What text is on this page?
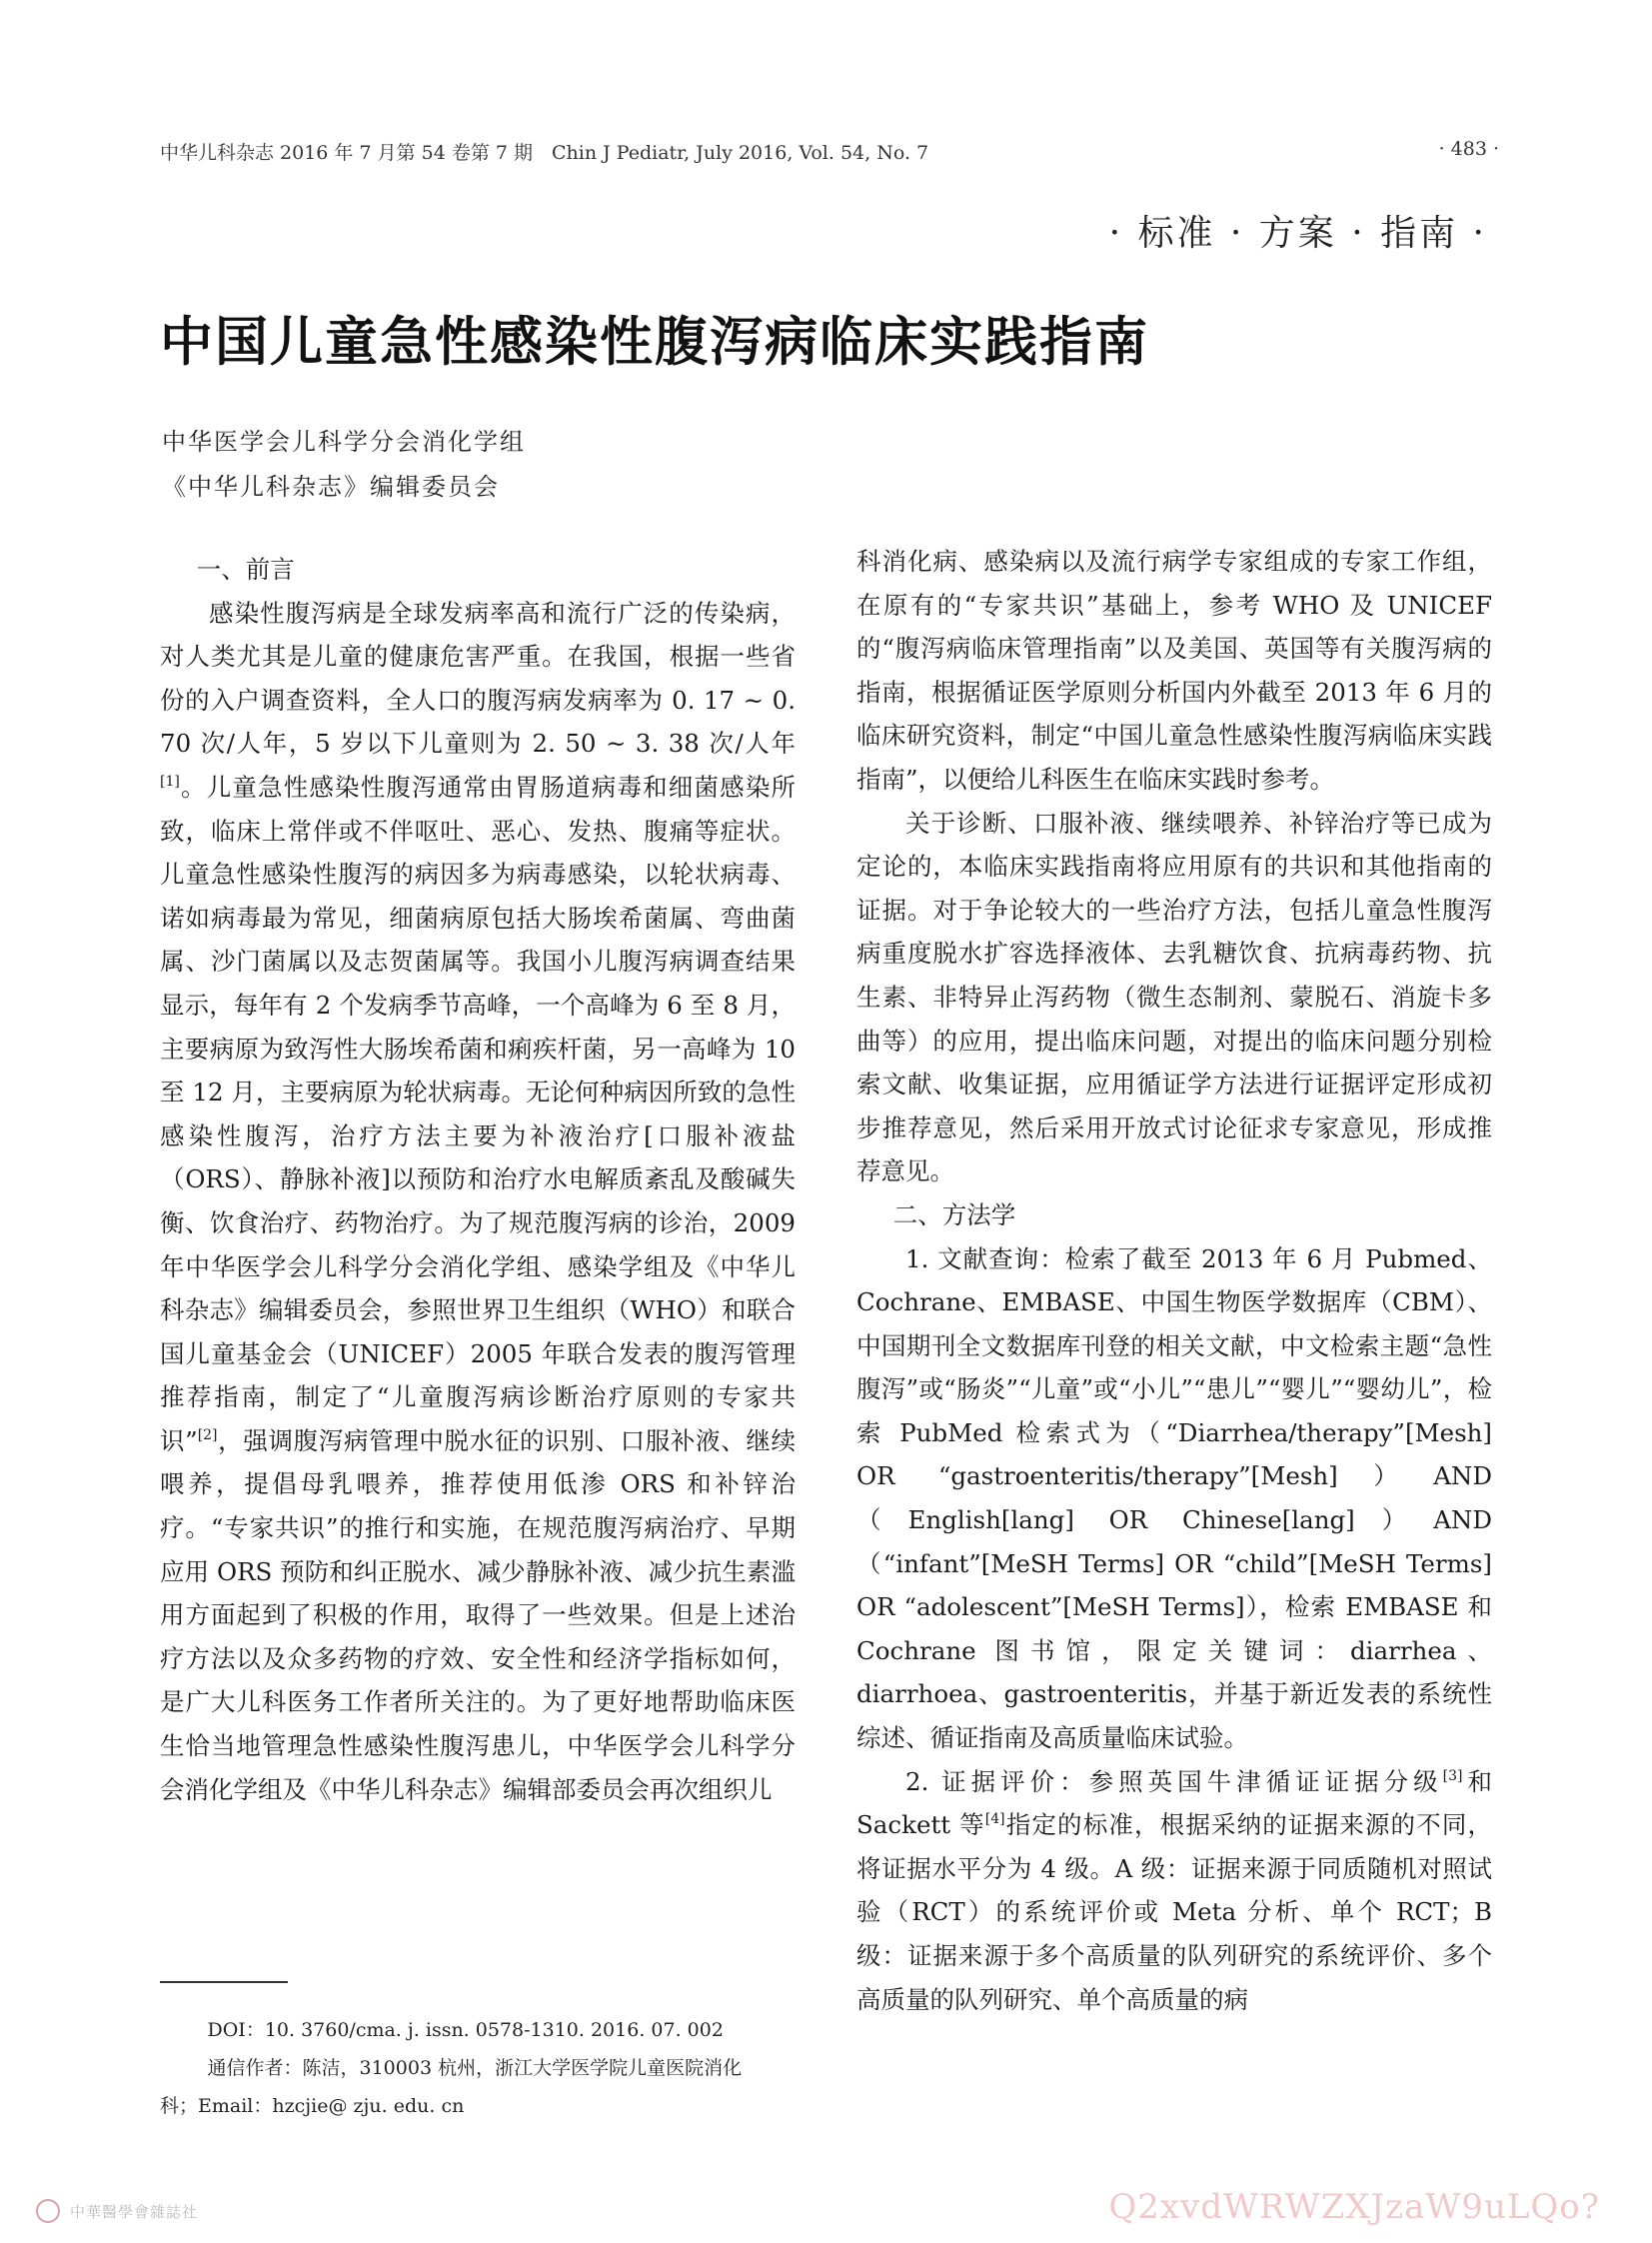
中华儿科杂志 2016 年 7 月第 54 卷第 7 期　Chin J Pediatr, July 2016, Vol. 54, No. 7	· 483 ·
· 标准 · 方案 · 指南 ·
中国儿童急性感染性腹泻病临床实践指南
中华医学会儿科学分会消化学组
《中华儿科杂志》编辑委员会
一、前言

感染性腹泻病是全球发病率高和流行广泛的传染病，对人类尤其是儿童的健康危害严重。在我国，根据一些省份的入户调查资料，全人口的腹泻病发病率为 0. 17 ~ 0. 70 次/人年，5 岁以下儿童则为 2. 50 ~ 3. 38 次/人年[1]。儿童急性感染性腹泻通常由胃肠道病毒和细菌感染所致，临床上常伴或不伴呕吐、恶心、发热、腹痛等症状。儿童急性感染性腹泻的病因多为病毒感染，以轮状病毒、诺如病毒最为常见，细菌病原包括大肠埃希菌属、弯曲菌属、沙门菌属以及志贺菌属等。我国小儿腹泻病调查结果显示，每年有 2 个发病季节高峰，一个高峰为 6 至 8 月，主要病原为致泻性大肠埃希菌和痢疾杆菌，另一高峰为 10 至 12 月，主要病原为轮状病毒。无论何种病因所致的急性感染性腹泻，治疗方法主要为补液治疗[口服补液盐（ORS）、静脉补液]以预防和治疗水电解质紊乱及酸碱失衡、饮食治疗、药物治疗。为了规范腹泻病的诊治，2009 年中华医学会儿科学分会消化学组、感染学组及《中华儿科杂志》编辑委员会，参照世界卫生组织（WHO）和联合国儿童基金会（UNICEF）2005 年联合发表的腹泻管理推荐指南，制定了“儿童腹泻病诊断治疗原则的专家共识”[2]，强调腹泻病管理中脱水征的识别、口服补液、继续喂养，提倡母乳喂养，推荐使用低渗 ORS 和补锌治疗。“专家共识”的推行和实施，在规范腹泻病治疗、早期应用 ORS 预防和纠正脱水、减少静脉补液、减少抗生素滥用方面起到了积极的作用，取得了一些效果。但是上述治疗方法以及众多药物的疗效、安全性和经济学指标如何，是广大儿科医务工作者所关注的。为了更好地帮助临床医生恰当地管理急性感染性腹泻患儿，中华医学会儿科学分会消化学组及《中华儿科杂志》编辑部委员会再次组织儿

科消化病、感染病以及流行病学专家组成的专家工作组，在原有的“专家共识”基础上，参考 WHO 及 UNICEF 的“腹泻病临床管理指南”以及美国、英国等有关腹泻病的指南，根据循证医学原则分析国内外截至 2013 年 6 月的临床研究资料，制定“中国儿童急性感染性腹泻病临床实践指南”，以便给儿科医生在临床实践时参考。

关于诊断、口服补液、继续喂养、补锌治疗等已成为定论的，本临床实践指南将应用原有的共识和其他指南的证据。对于争论较大的一些治疗方法，包括儿童急性腹泻病重度脱水扩容选择液体、去乳糖饮食、抗病毒药物、抗生素、非特异止泻药物（微生态制剂、蒙脱石、消旋卡多曲等）的应用，提出临床问题，对提出的临床问题分别检索文献、收集证据，应用循证学方法进行证据评定形成初步推荐意见，然后采用开放式讨论征求专家意见，形成推荐意见。

二、方法学

1. 文献查询：检索了截至 2013 年 6 月 Pubmed、Cochrane、EMBASE、中国生物医学数据库（CBM）、中国期刊全文数据库刊登的相关文献，中文检索主题“急性腹泻”或“肠炎”“儿童”或“小儿”“患儿”“婴儿”“婴幼儿”，检索 PubMed 检索式为（“Diarrhea/therapy”[Mesh] OR “gastroenteritis/therapy”[Mesh]）AND（English[lang] OR Chinese[lang]）AND（“infant”[MeSH Terms] OR “child”[MeSH Terms] OR “adolescent”[MeSH Terms]），检索 EMBASE 和 Cochrane 图书馆，限定关键词：diarrhea、diarrhoea、gastroenteritis，并基于新近发表的系统性综述、循证指南及高质量临床试验。

2. 证据评价：参照英国牛津循证证据分级[3]和 Sackett 等[4]指定的标准，根据采纳的证据来源的不同，将证据水平分为 4 级。A 级：证据来源于同质随机对照试验（RCT）的系统评价或 Meta 分析、单个 RCT；B 级：证据来源于多个高质量的队列研究的系统评价、多个高质量的队列研究、单个高质量的病

DOI：10. 3760/cma. j. issn. 0578-1310. 2016. 07. 002
通信作者：陈洁，310003 杭州，浙江大学医学院儿童医院消化
科；Email：hzcjie@ zju. edu. cn
中華醫學會雜誌社	Q2xvdWRWZXJzaW9uLQo?
